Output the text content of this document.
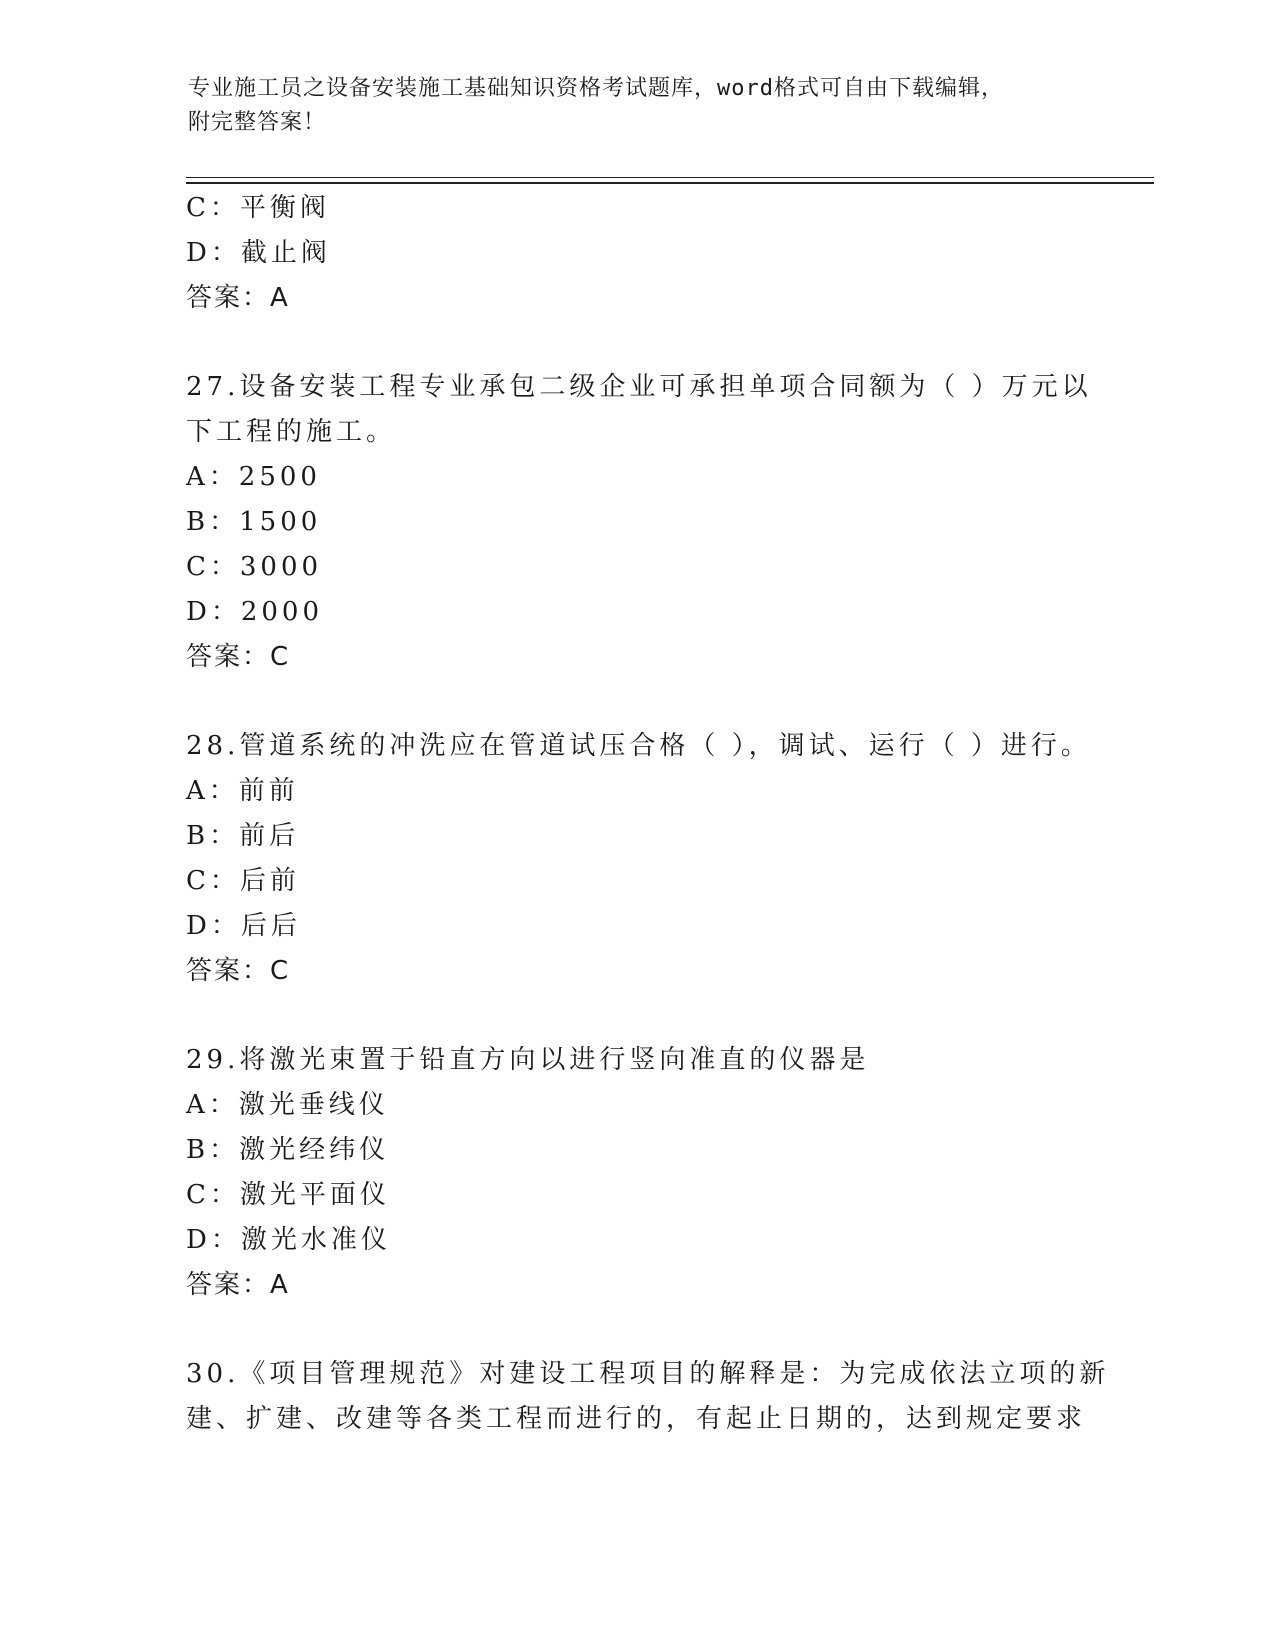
专业施工员之设备安装施工基础知识资格考试题库，word格式可自由下载编辑，
附完整答案！
C：平衡阀
D：截止阀
答案：A
27.设备安装工程专业承包二级企业可承担单项合同额为（ ）万元以
下工程的施工。
A：2500
B：1500
C：3000
D：2000
答案：C
28.管道系统的冲洗应在管道试压合格（ ），调试、运行（ ）进行。
A：前前
B：前后
C：后前
D：后后
答案：C
29.将激光束置于铅直方向以进行竖向准直的仪器是
A：激光垂线仪
B：激光经纬仪
C：激光平面仪
D：激光水准仪
答案：A
30.《项目管理规范》对建设工程项目的解释是：为完成依法立项的新
建、扩建、改建等各类工程而进行的，有起止日期的，达到规定要求
